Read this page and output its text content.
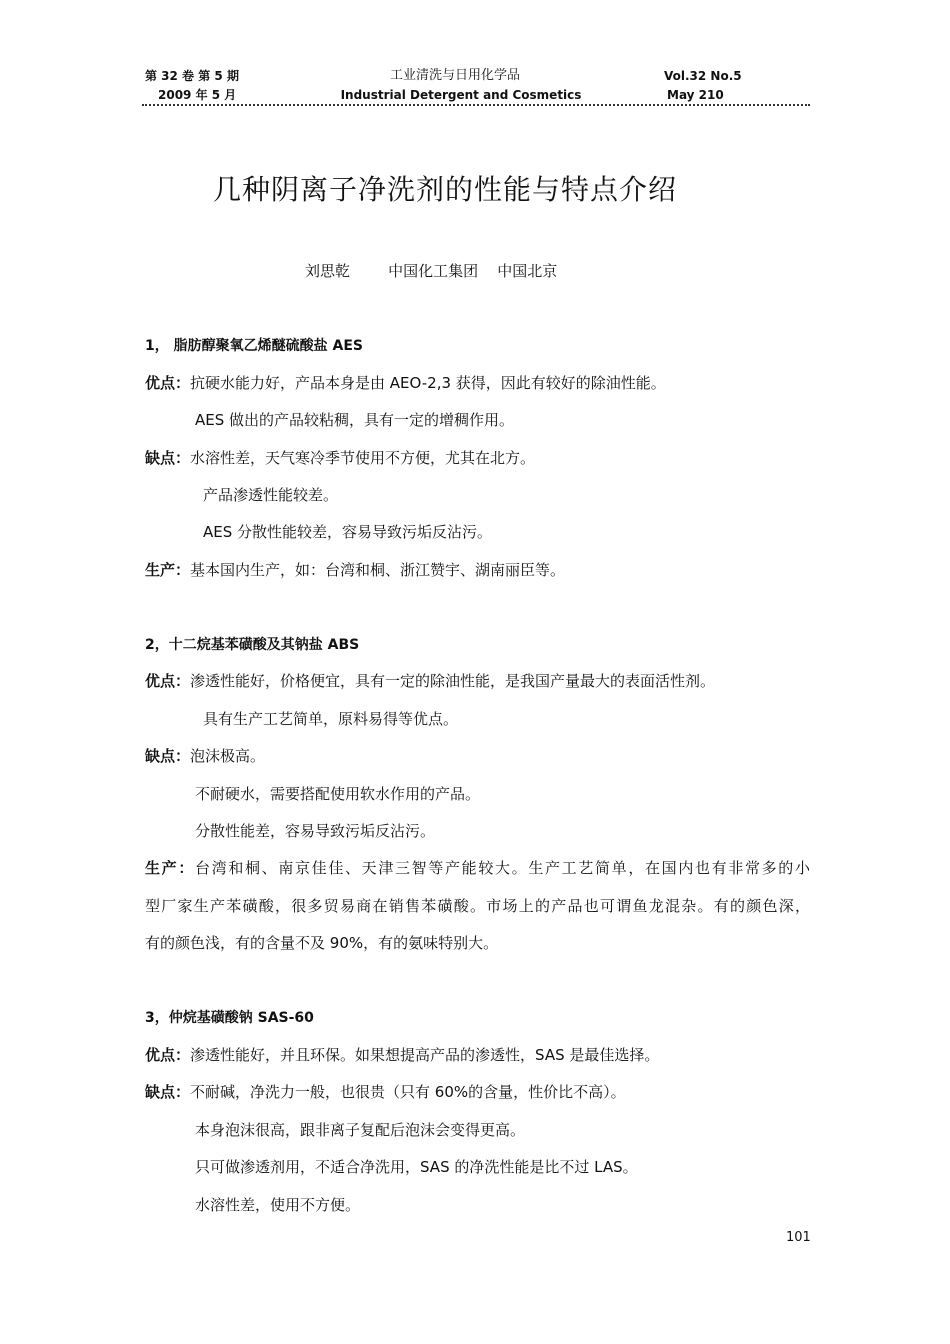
第 32 卷 第 5 期
2009 年 5 月
工业清洗与日用化学品
Industrial Detergent and Cosmetics
Vol.32 No.5
May 210
几种阴离子净洗剂的性能与特点介绍
刘思乾        中国化工集团    中国北京
1， 脂肪醇聚氧乙烯醚硫酸盐 AES
优点：抗硬水能力好，产品本身是由 AEO-2,3 获得，因此有较好的除油性能。
AES 做出的产品较粘稠，具有一定的增稠作用。
缺点：水溶性差，天气寒冷季节使用不方便，尤其在北方。
产品渗透性能较差。
AES 分散性能较差，容易导致污垢反沾污。
生产：基本国内生产，如：台湾和桐、浙江赞宇、湖南丽臣等。
2，十二烷基苯磺酸及其钠盐 ABS
优点：渗透性能好，价格便宜，具有一定的除油性能，是我国产量最大的表面活性剂。
具有生产工艺简单，原料易得等优点。
缺点：泡沫极高。
不耐硬水，需要搭配使用软水作用的产品。
分散性能差，容易导致污垢反沾污。
生产：台湾和桐、南京佳佳、天津三智等产能较大。生产工艺简单，在国内也有非常多的小
型厂家生产苯磺酸，很多贸易商在销售苯磺酸。市场上的产品也可谓鱼龙混杂。有的颜色深，
有的颜色浅，有的含量不及 90%，有的氨味特别大。
3，仲烷基磺酸钠 SAS-60
优点：渗透性能好，并且环保。如果想提高产品的渗透性，SAS 是最佳选择。
缺点：不耐碱，净洗力一般，也很贵（只有 60%的含量，性价比不高）。
本身泡沫很高，跟非离子复配后泡沫会变得更高。
只可做渗透剂用，不适合净洗用，SAS 的净洗性能是比不过 LAS。
水溶性差，使用不方便。
101
